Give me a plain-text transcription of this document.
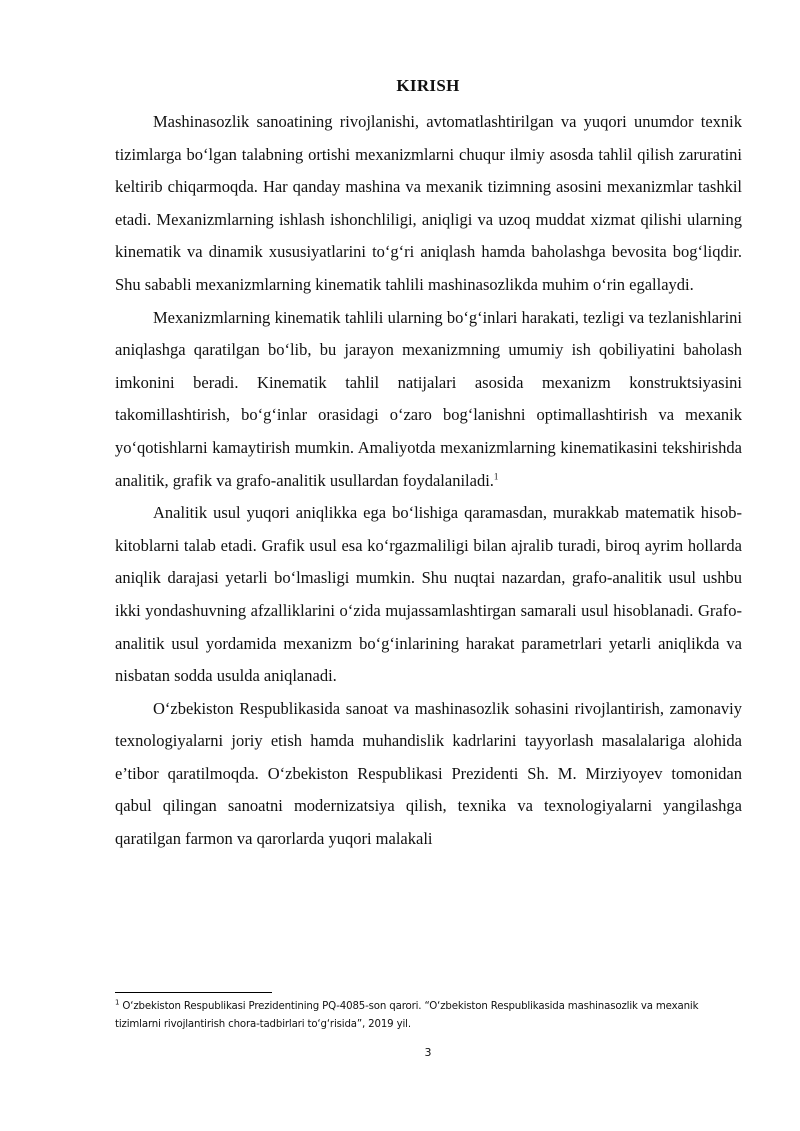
KIRISH

Mashinasozlik sanoatining rivojlanishi, avtomatlashtirilgan va yuqori unumdor texnik tizimlarga bo‘lgan talabning ortishi mexanizmlarni chuqur ilmiy asosda tahlil qilish zaruratini keltirib chiqarmoqda. Har qanday mashina va mexanik tizimning asosini mexanizmlar tashkil etadi. Mexanizmlarning ishlash ishonchliligi, aniqligi va uzoq muddat xizmat qilishi ularning kinematik va dinamik xususiyatlarini to‘g‘ri aniqlash hamda baholashga bevosita bog‘liqdir. Shu sababli mexanizmlarning kinematik tahlili mashinasozlikda muhim o‘rin egallaydi.

Mexanizmlarning kinematik tahlili ularning bo‘g‘inlari harakati, tezligi va tezlanishlarini aniqlashga qaratilgan bo‘lib, bu jarayon mexanizmning umumiy ish qobiliyatini baholash imkonini beradi. Kinematik tahlil natijalari asosida mexanizm konstruktsiyasini takomillashtirish, bo‘g‘inlar orasidagi o‘zaro bog‘lanishni optimallashtirish va mexanik yo‘qotishlarni kamaytirish mumkin. Amaliyotda mexanizmlarning kinematikasini tekshirishda analitik, grafik va grafo-analitik usullardan foydalaniladi.$^1$

Analitik usul yuqori aniqlikka ega bo‘lishiga qaramasdan, murakkab matematik hisob-kitoblarni talab etadi. Grafik usul esa ko‘rgazmaliligi bilan ajralib turadi, biroq ayrim hollarda aniqlik darajasi yetarli bo‘lmasligi mumkin. Shu nuqtai nazardan, grafo-analitik usul ushbu ikki yondashuvning afzalliklarini o‘zida mujassamlashtirgan samarali usul hisoblanadi. Grafo-analitik usul yordamida mexanizm bo‘g‘inlarining harakat parametrlari yetarli aniqlikda va nisbatan sodda usulda aniqlanadi.

O‘zbekiston Respublikasida sanoat va mashinasozlik sohasini rivojlantirish, zamonaviy texnologiyalarni joriy etish hamda muhandislik kadrlarini tayyorlash masalalariga alohida e’tibor qaratilmoqda. O‘zbekiston Respublikasi Prezidenti Sh. M. Mirziyoyev tomonidan qabul qilingan sanoatni modernizatsiya qilish, texnika va texnologiyalarni yangilashga qaratilgan farmon va qarorlarda yuqori malakali

$^1$ O‘zbekiston Respublikasi Prezidentining PQ-4085-son qarori. “O‘zbekiston Respublikasida mashinasozlik va mexanik tizimlarni rivojlantirish chora-tadbirlari to‘g‘risida”, 2019 yil.
3
